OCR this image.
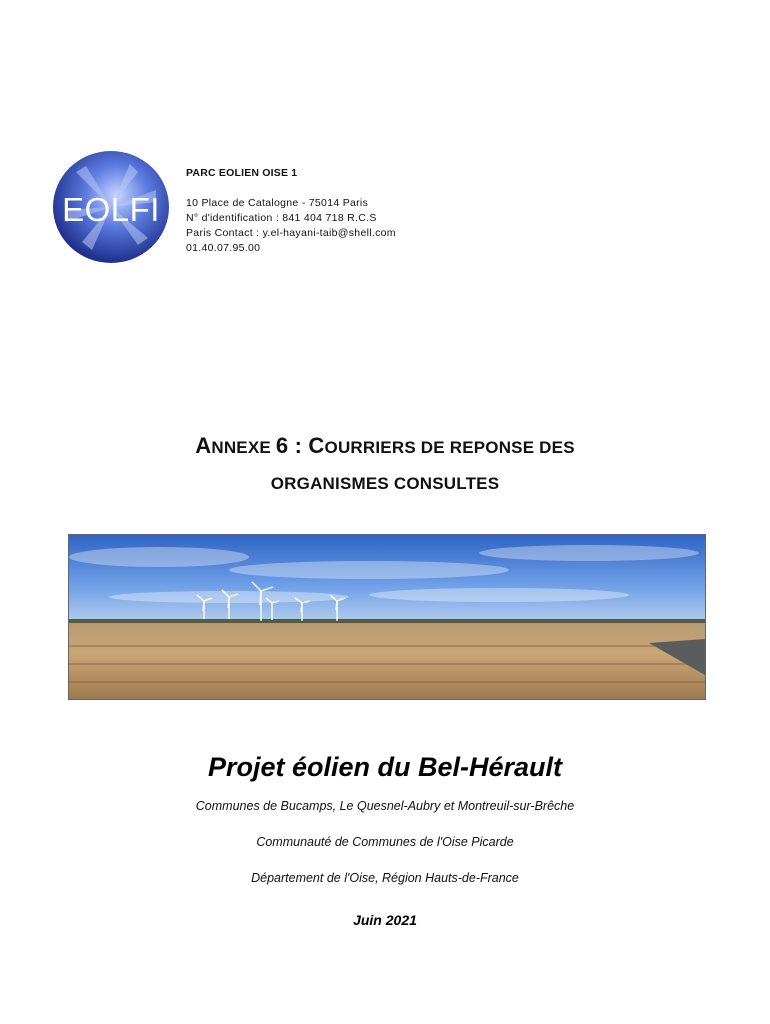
EOLFI
PARC EOLIEN OISE 1
10 Place de Catalogne - 75014 Paris
N° d'identification : 841 404 718 R.C.S
Paris Contact : y.el-hayani-taib@shell.com
01.40.07.95.00
ANNEXE 6 : COURRIERS DE REPONSE DES
ORGANISMES CONSULTES
Projet éolien du Bel-Hérault
Communes de Bucamps, Le Quesnel-Aubry et Montreuil-sur-Brêche
Communauté de Communes de l'Oise Picarde
Département de l'Oise, Région Hauts-de-France
Juin 2021
